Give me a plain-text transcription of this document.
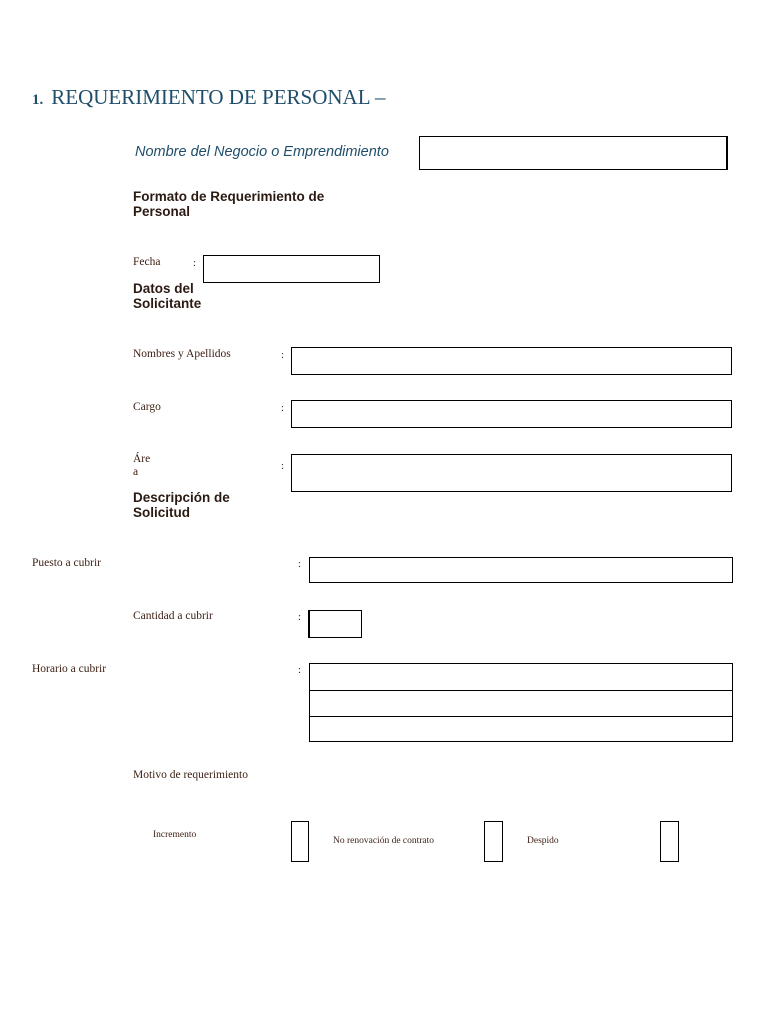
1. REQUERIMIENTO DE PERSONAL –
Nombre del Negocio o Emprendimiento
Formato de Requerimiento de
Personal
Fecha	:
Datos del
Solicitante
Nombres y Apellidos	:
Cargo	:
Áre
a	:
Descripción de
Solicitud
Puesto a cubrir	:
Cantidad a cubrir	:
Horario a cubrir	:
Motivo de requerimiento
Incremento
No renovación de contrato	Despido
